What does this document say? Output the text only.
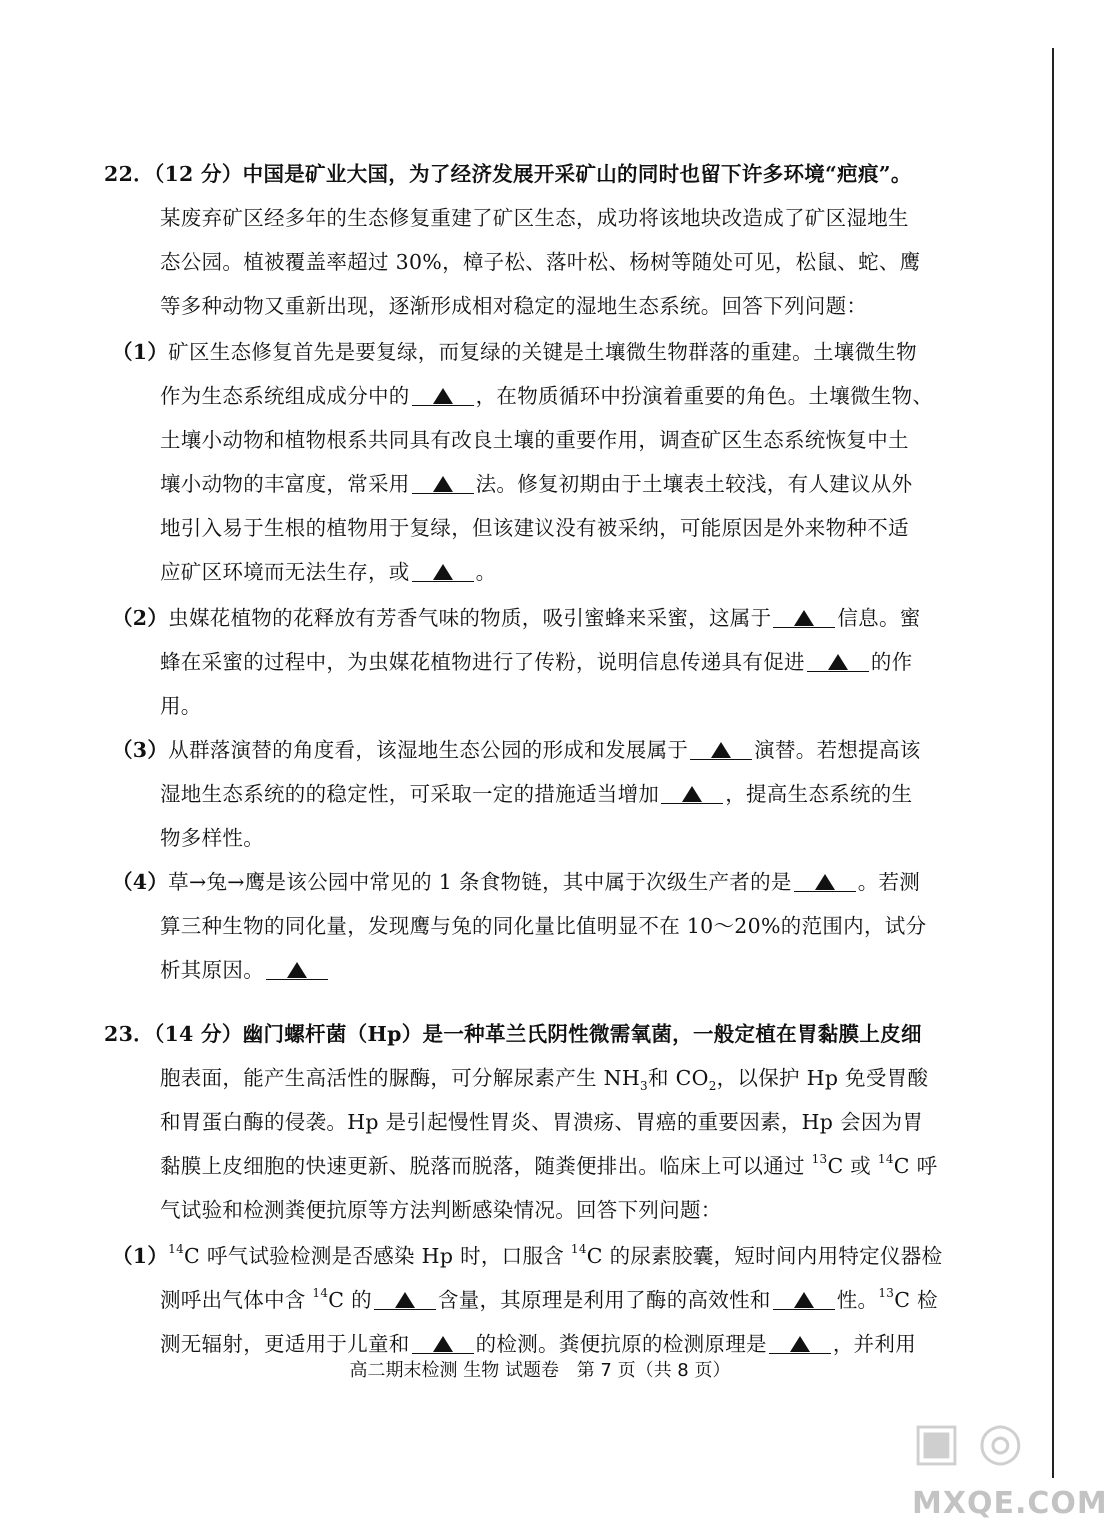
22．（12 分）中国是矿业大国，为了经济发展开采矿山的同时也留下许多环境“疤痕”。
某废弃矿区经多年的生态修复重建了矿区生态，成功将该地块改造成了矿区湿地生
态公园。植被覆盖率超过 30%，樟子松、落叶松、杨树等随处可见，松鼠、蛇、鹰
等多种动物又重新出现，逐渐形成相对稳定的湿地生态系统。回答下列问题：
（1）矿区生态修复首先是要复绿，而复绿的关键是土壤微生物群落的重建。土壤微生物
作为生态系统组成成分中的	，在物质循环中扮演着重要的角色。土壤微生物、
土壤小动物和植物根系共同具有改良土壤的重要作用，调查矿区生态系统恢复中土
壤小动物的丰富度，常采用	法。修复初期由于土壤表土较浅，有人建议从外
地引入易于生根的植物用于复绿，但该建议没有被采纳，可能原因是外来物种不适
应矿区环境而无法生存，或	。
（2）虫媒花植物的花释放有芳香气味的物质，吸引蜜蜂来采蜜，这属于	信息。蜜
蜂在采蜜的过程中，为虫媒花植物进行了传粉，说明信息传递具有促进	的作
用。
（3）从群落演替的角度看，该湿地生态公园的形成和发展属于	演替。若想提高该
湿地生态系统的的稳定性，可采取一定的措施适当增加	，提高生态系统的生
物多样性。
（4）草→兔→鹰是该公园中常见的 1 条食物链，其中属于次级生产者的是	。若测
算三种生物的同化量，发现鹰与兔的同化量比值明显不在 10～20%的范围内，试分
析其原因。
23．（14 分）幽门螺杆菌（Hp）是一种革兰氏阴性微需氧菌，一般定植在胃黏膜上皮细
胞表面，能产生高活性的脲酶，可分解尿素产生 $NH_3$和 $CO_2$，以保护 Hp 免受胃酸
和胃蛋白酶的侵袭。Hp 是引起慢性胃炎、胃溃疡、胃癌的重要因素，Hp 会因为胃
黏膜上皮细胞的快速更新、脱落而脱落，随粪便排出。临床上可以通过 $^{13}$C 或 $^{14}$C 呼
气试验和检测粪便抗原等方法判断感染情况。回答下列问题：
$(1)^{14}C$ 呼气试验检测是否感染 Hp 时，口服含 $^{14}$C 的尿素胶囊，短时间内用特定仪器检
测呼出气体中含 $^{14}$C 的	含量，其原理是利用了酶的高效性和	性。$^{13}$C 检
测无辐射，更适用于儿童和	的检测。粪便抗原的检测原理是	，并利用
高二期末检测 生物 试题卷 第 7 页（共 8 页）
▣ ◎
MXQE.COM
